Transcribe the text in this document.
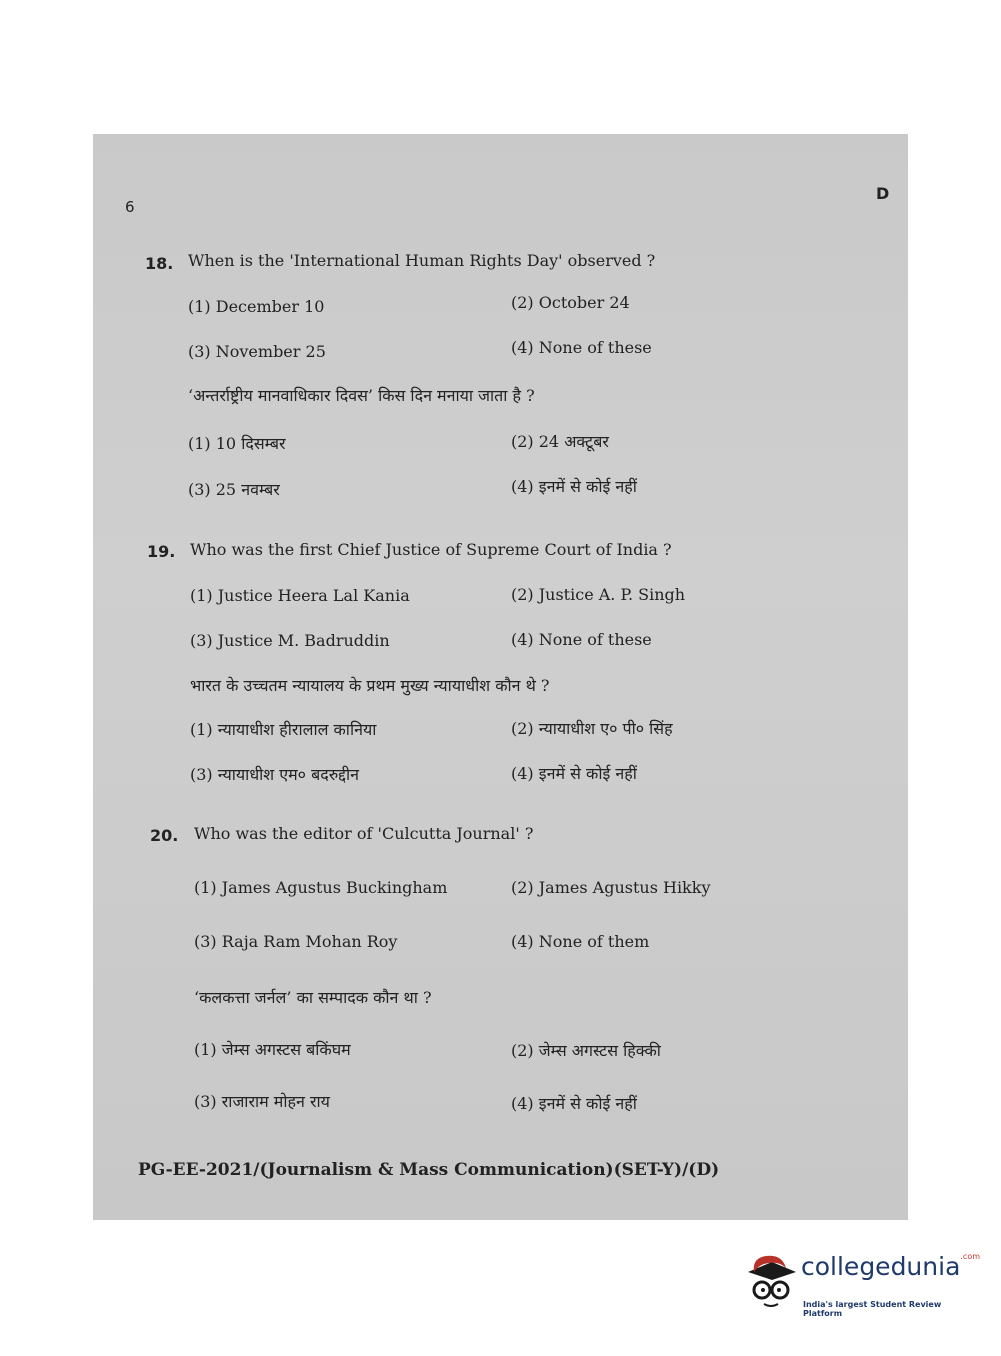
6
D
18. When is the 'International Human Rights Day' observed ?
(1) December 10	(2) October 24
(3) November 25	(4) None of these
‘अन्तर्राष्ट्रीय मानवाधिकार दिवस’ किस दिन मनाया जाता है ?
(1) 10 दिसम्बर	(2) 24 अक्टूबर
(3) 25 नवम्बर	(4) इनमें से कोई नहीं
19. Who was the first Chief Justice of Supreme Court of India ?
(1) Justice Heera Lal Kania	(2) Justice A. P. Singh
(3) Justice M. Badruddin	(4) None of these
भारत के उच्चतम न्यायालय के प्रथम मुख्य न्यायाधीश कौन थे ?
(1) न्यायाधीश हीरालाल कानिया	(2) न्यायाधीश ए० पी० सिंह
(3) न्यायाधीश एम० बदरुद्दीन	(4) इनमें से कोई नहीं
20. Who was the editor of 'Culcutta Journal' ?
(1) James Agustus Buckingham	(2) James Agustus Hikky
(3) Raja Ram Mohan Roy	(4) None of them
‘कलकत्ता जर्नल’ का सम्पादक कौन था ?
(1) जेम्स अगस्टस बकिंघम	(2) जेम्स अगस्टस हिक्की
(3) राजाराम मोहन राय	(4) इनमें से कोई नहीं
PG-EE-2021/(Journalism & Mass Communication)(SET-Y)/(D)
collegedunia$^{.com}$
India's largest Student Review Platform
